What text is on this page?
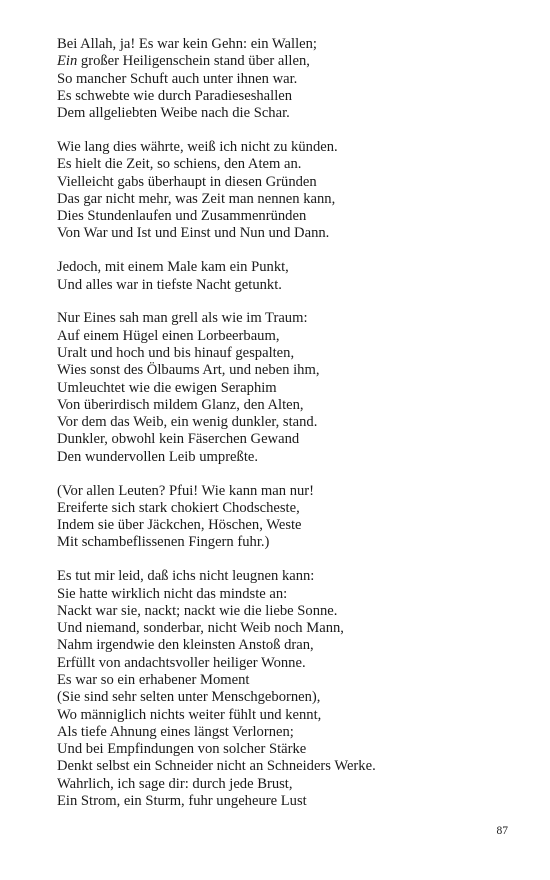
Bei Allah, ja! Es war kein Gehn: ein Wallen;
Ein großer Heiligenschein stand über allen,
So mancher Schuft auch unter ihnen war.
Es schwebte wie durch Paradieseshallen
Dem allgeliebten Weibe nach die Schar.
Wie lang dies währte, weiß ich nicht zu künden.
Es hielt die Zeit, so schiens, den Atem an.
Vielleicht gabs überhaupt in diesen Gründen
Das gar nicht mehr, was Zeit man nennen kann,
Dies Stundenlaufen und Zusammenründen
Von War und Ist und Einst und Nun und Dann.
Jedoch, mit einem Male kam ein Punkt,
Und alles war in tiefste Nacht getunkt.
Nur Eines sah man grell als wie im Traum:
Auf einem Hügel einen Lorbeerbaum,
Uralt und hoch und bis hinauf gespalten,
Wies sonst des Ölbaums Art, und neben ihm,
Umleuchtet wie die ewigen Seraphim
Von überirdisch mildem Glanz, den Alten,
Vor dem das Weib, ein wenig dunkler, stand.
Dunkler, obwohl kein Fäserchen Gewand
Den wundervollen Leib umpreßte.
(Vor allen Leuten? Pfui! Wie kann man nur!
Ereiferte sich stark chokiert Chodscheste,
Indem sie über Jäckchen, Höschen, Weste
Mit schambeflissenen Fingern fuhr.)
Es tut mir leid, daß ichs nicht leugnen kann:
Sie hatte wirklich nicht das mindste an:
Nackt war sie, nackt; nackt wie die liebe Sonne.
Und niemand, sonderbar, nicht Weib noch Mann,
Nahm irgendwie den kleinsten Anstoß dran,
Erfüllt von andachtsvoller heiliger Wonne.
Es war so ein erhabener Moment
(Sie sind sehr selten unter Menschgebornen),
Wo männiglich nichts weiter fühlt und kennt,
Als tiefe Ahnung eines längst Verlornen;
Und bei Empfindungen von solcher Stärke
Denkt selbst ein Schneider nicht an Schneiders Werke.
Wahrlich, ich sage dir: durch jede Brust,
Ein Strom, ein Sturm, fuhr ungeheure Lust
87
